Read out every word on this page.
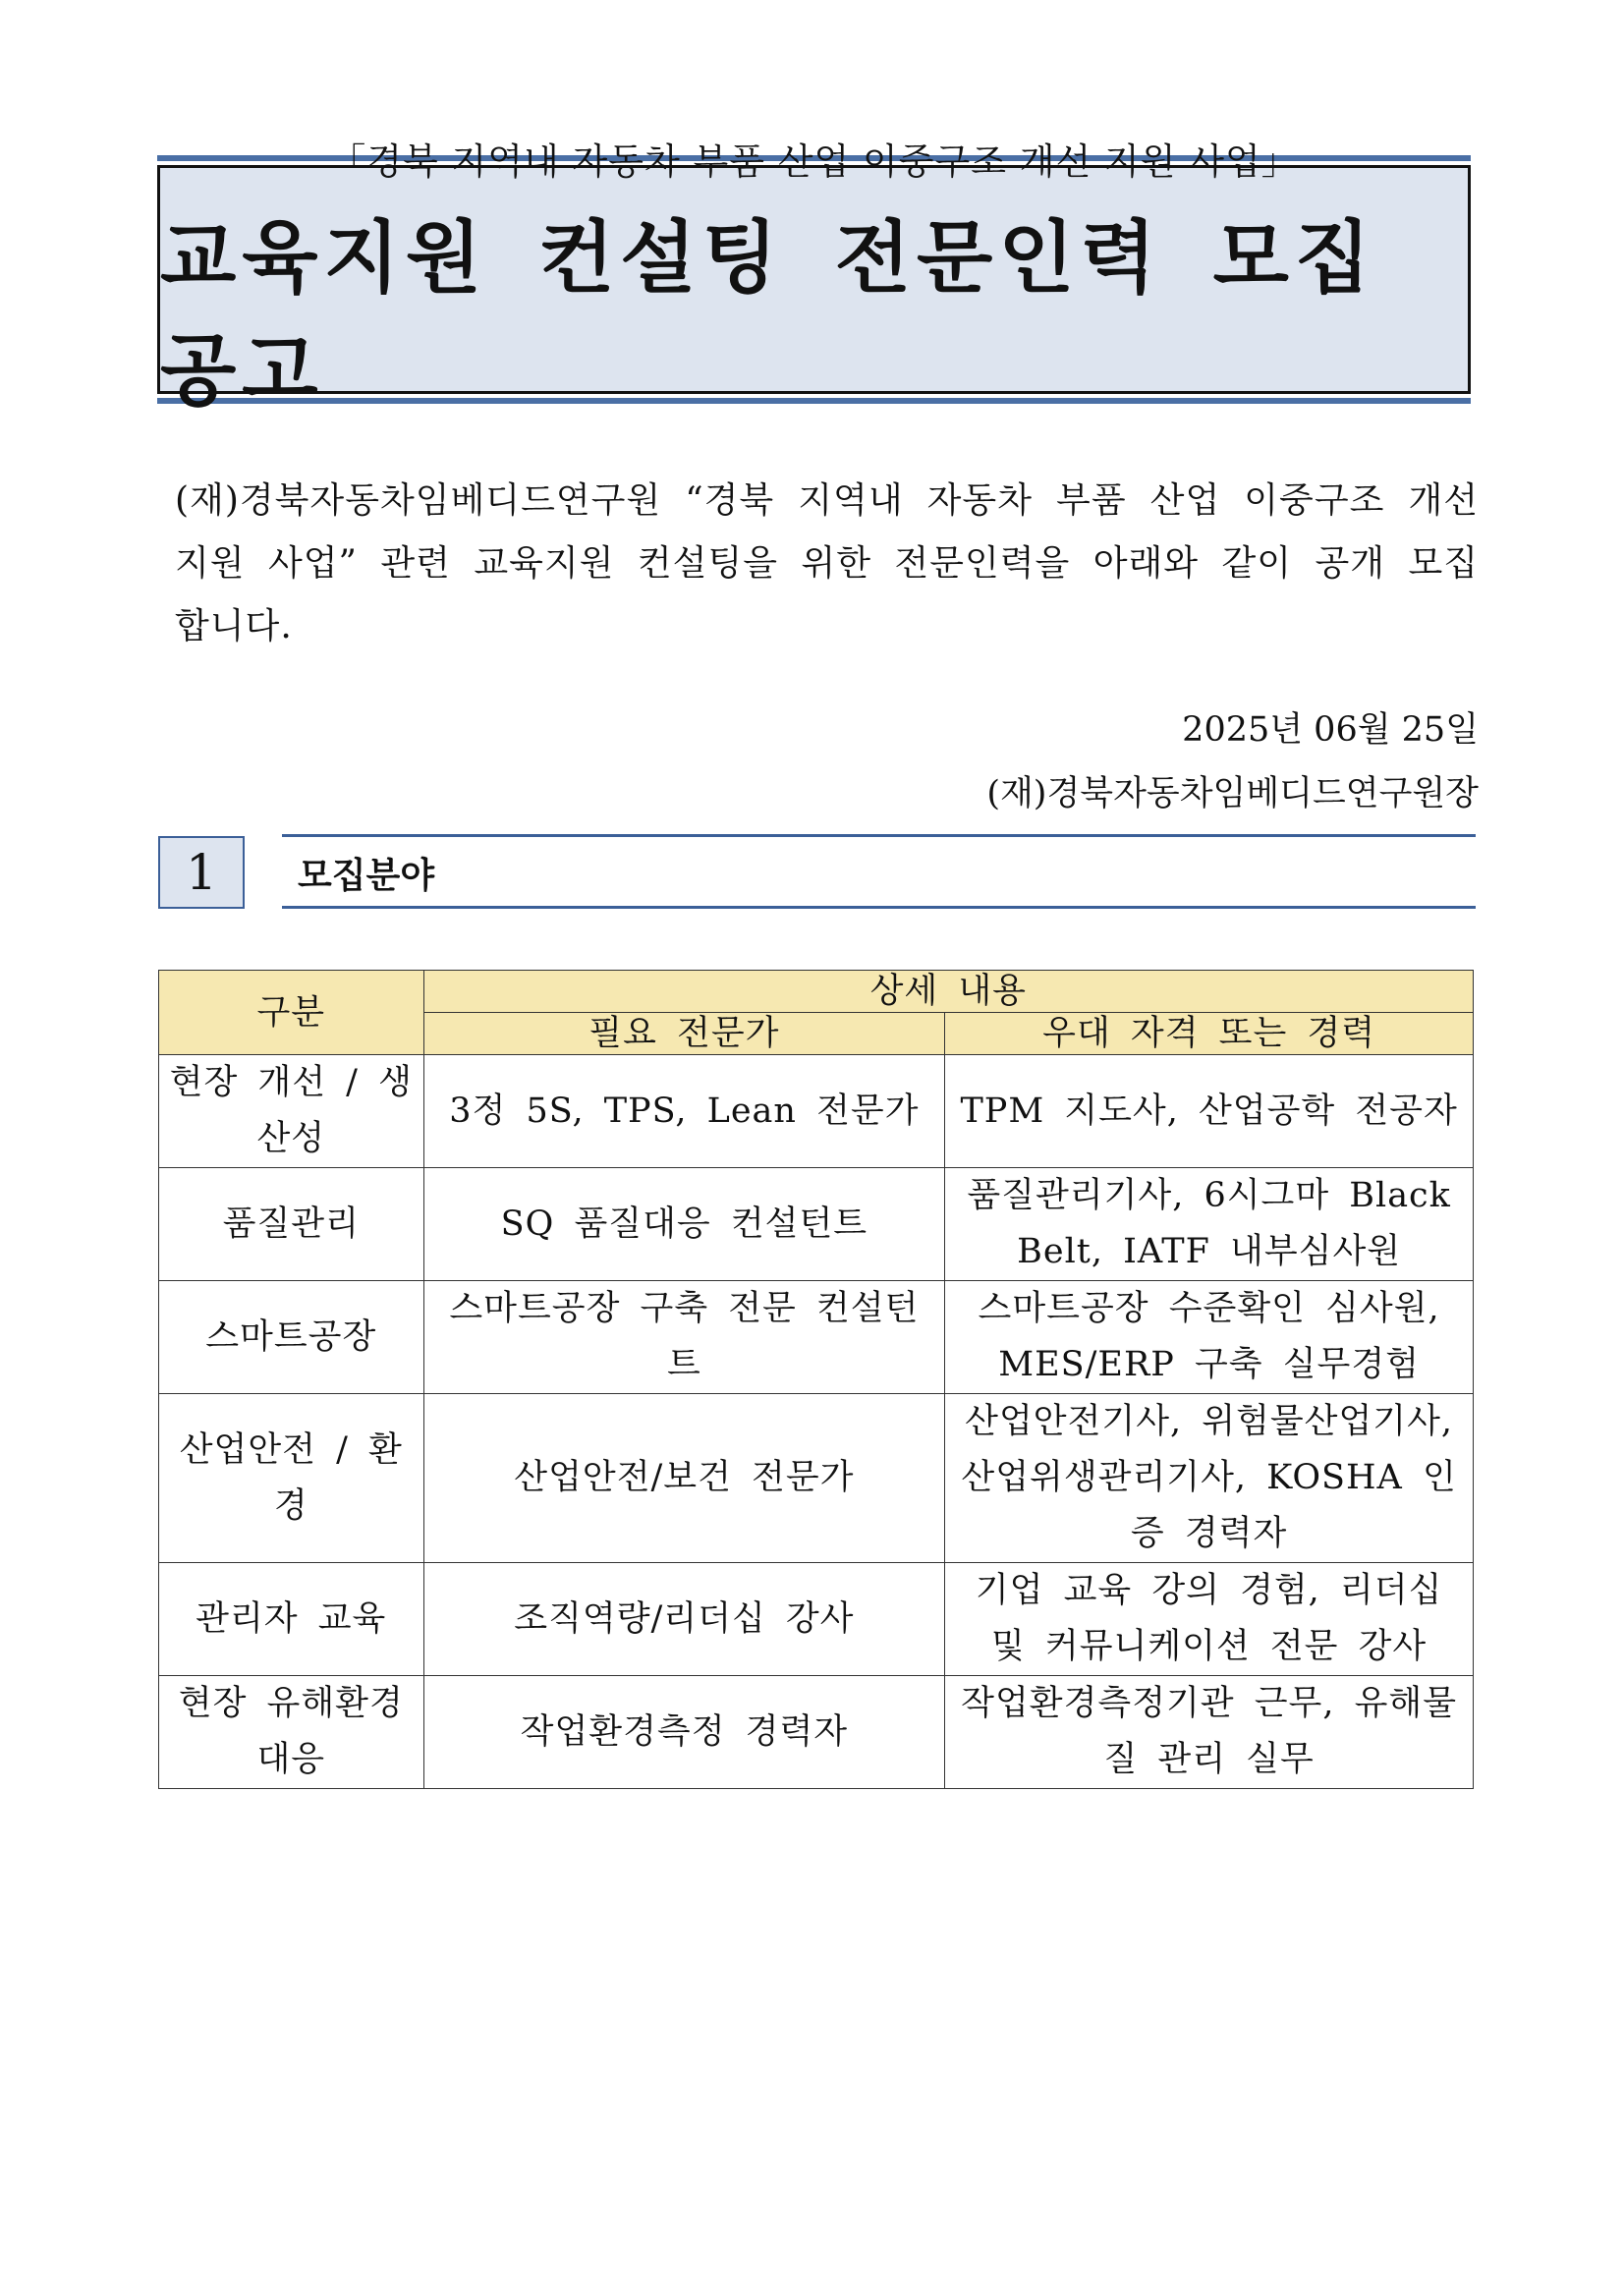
「경북 지역내 자동차 부품 산업 이중구조 개선 지원 사업」
교육지원 컨설팅 전문인력 모집 공고
(재)경북자동차임베디드연구원 “경북 지역내 자동차 부품 산업 이중구조 개선 지원 사업” 관련 교육지원 컨설팅을 위한 전문인력을 아래와 같이 공개 모집합니다.
2025년 06월 25일
(재)경북자동차임베디드연구원장
1	모집분야
구분	상세 내용	
	필요 전문가	우대 자격 또는 경력
현장 개선 / 생산성	3정 5S, TPS, Lean 전문가	TPM 지도사, 산업공학 전공자
품질관리	SQ 품질대응 컨설턴트	품질관리기사, 6시그마 Black Belt, IATF 내부심사원
스마트공장	스마트공장 구축 전문 컨설턴트	스마트공장 수준확인 심사원, MES/ERP 구축 실무경험
산업안전 / 환경	산업안전/보건 전문가	산업안전기사, 위험물산업기사, 산업위생관리기사, KOSHA 인증 경력자
관리자 교육	조직역량/리더십 강사	기업 교육 강의 경험, 리더십 및 커뮤니케이션 전문 강사
현장 유해환경 대응	작업환경측정 경력자	작업환경측정기관 근무, 유해물질 관리 실무
